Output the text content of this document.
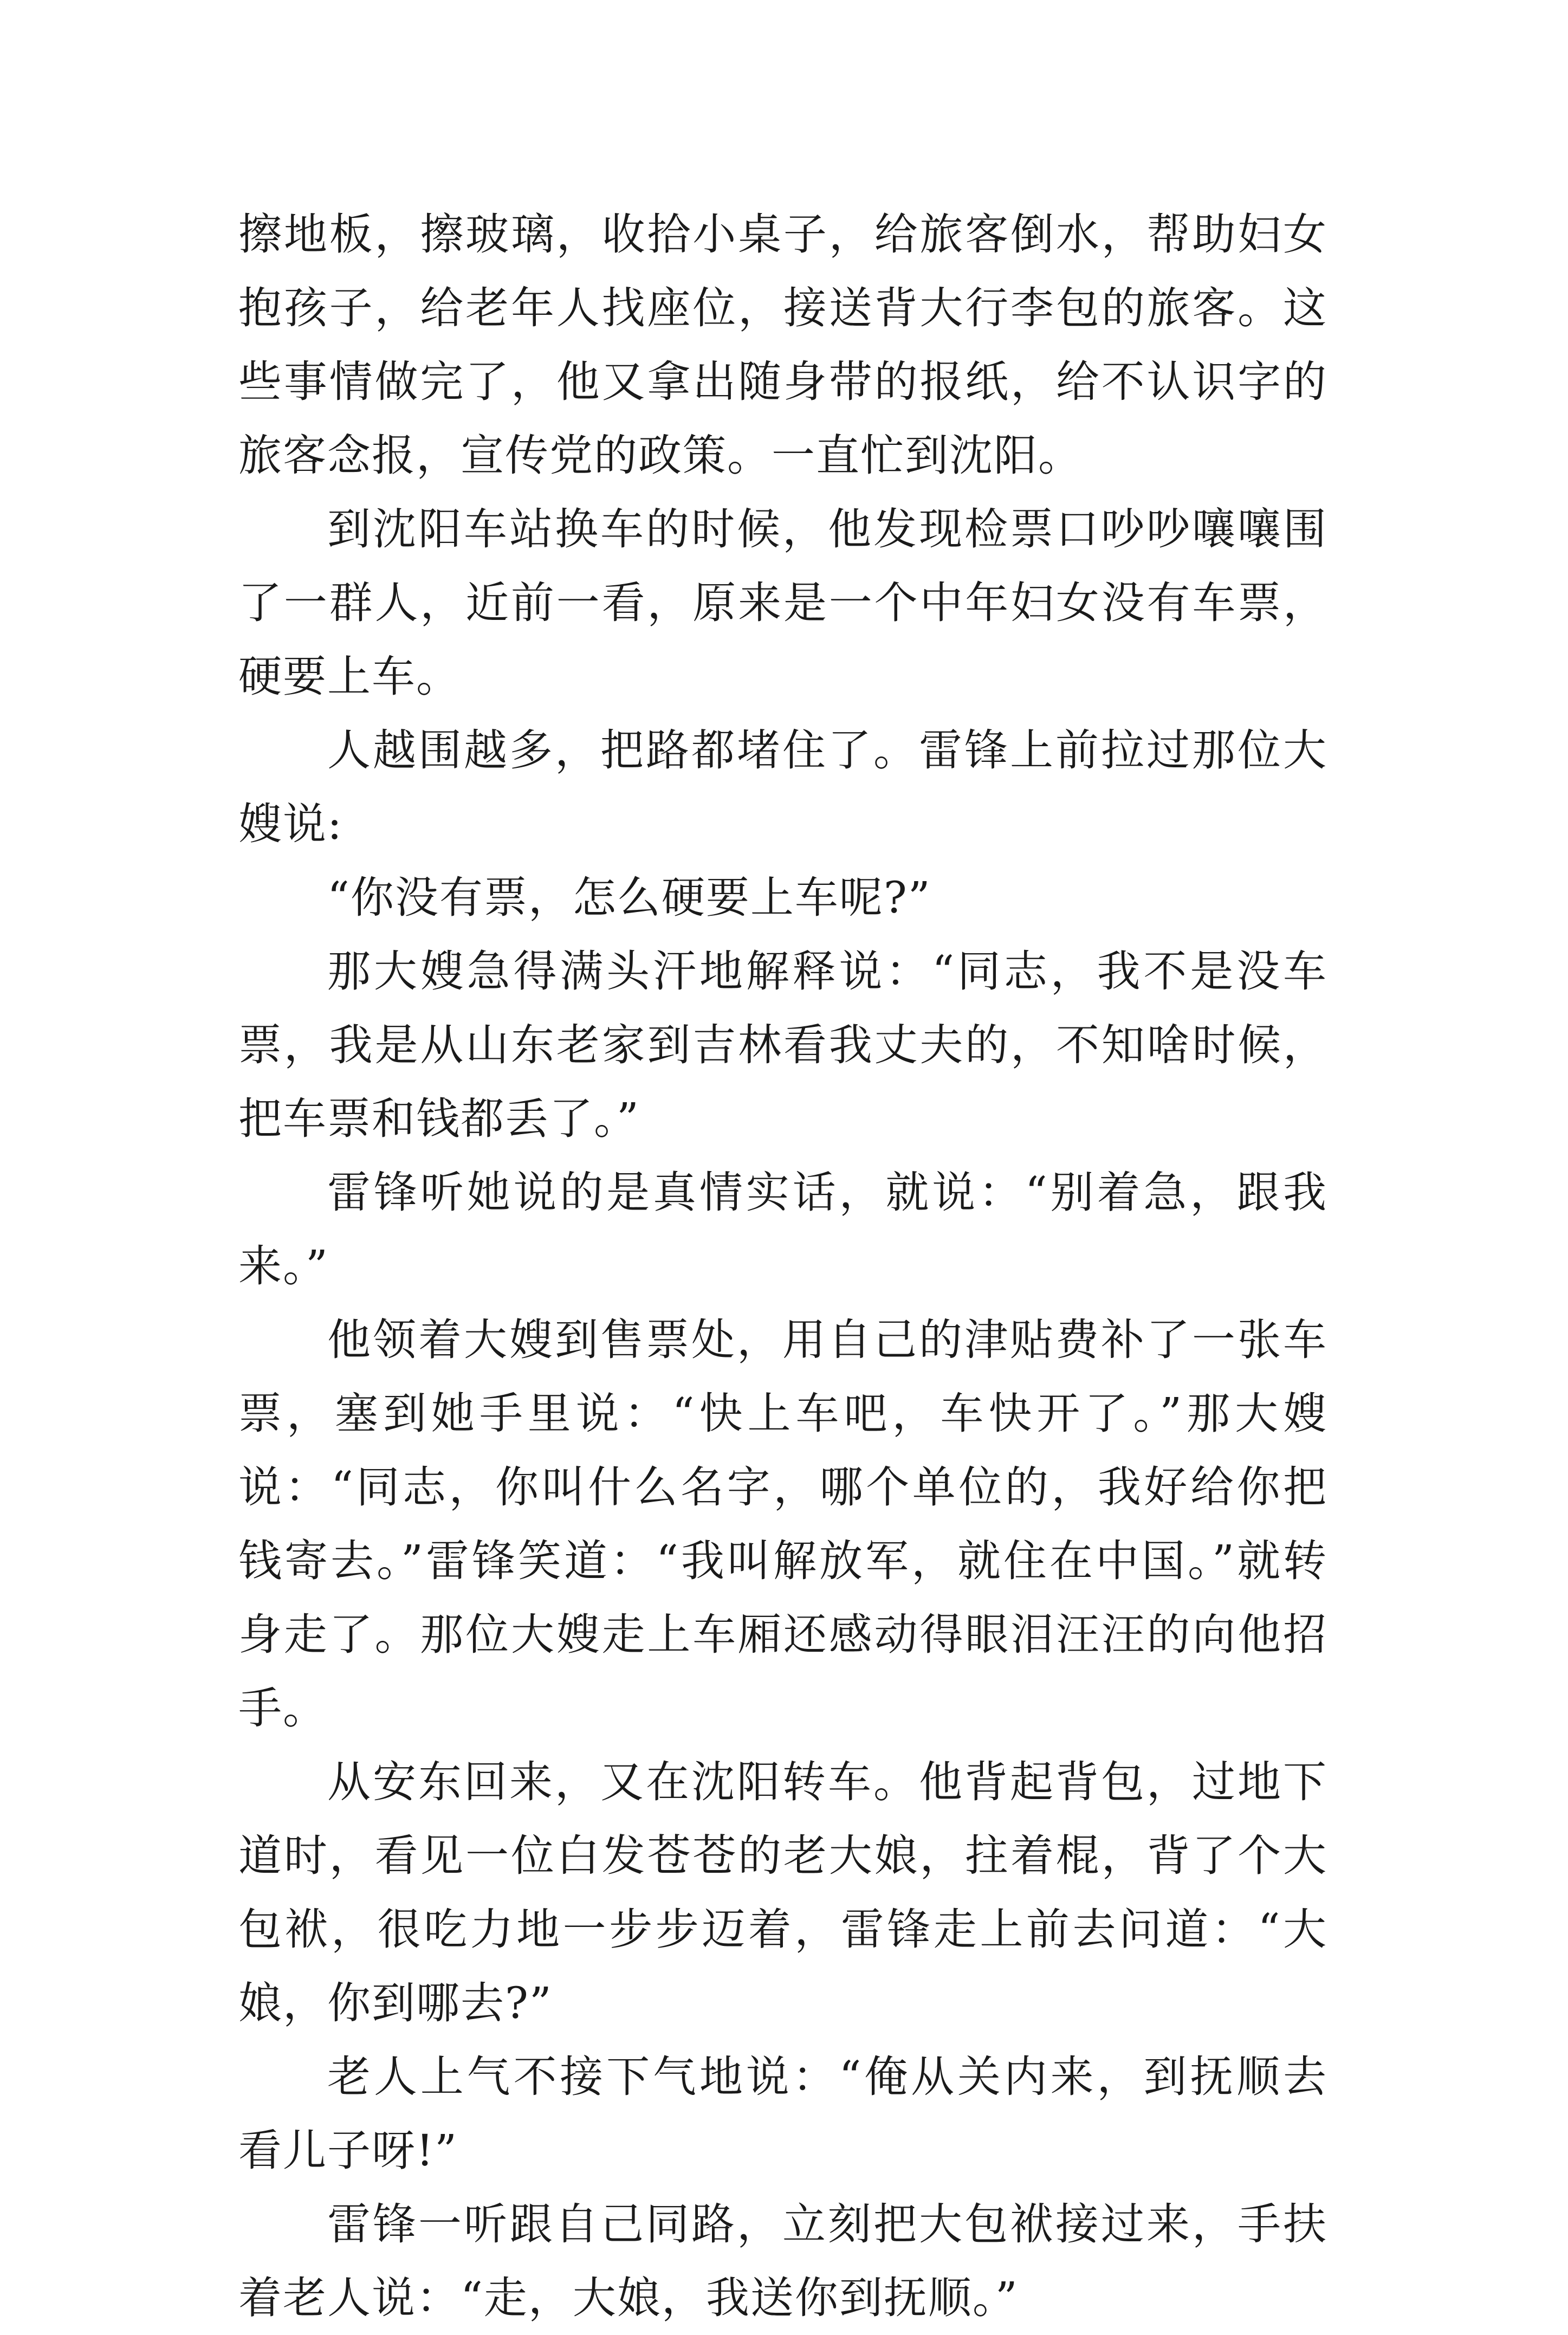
擦地板，擦玻璃，收拾小桌子，给旅客倒水，帮助妇女抱孩子，给老年人找座位，接送背大行李包的旅客。这些事情做完了，他又拿出随身带的报纸，给不认识字的旅客念报，宣传党的政策。一直忙到沈阳。

到沈阳车站换车的时候，他发现检票口吵吵嚷嚷围了一群人，近前一看，原来是一个中年妇女没有车票，硬要上车。

人越围越多，把路都堵住了。雷锋上前拉过那位大嫂说:

“你没有票，怎么硬要上车呢?”

那大嫂急得满头汗地解释说：“同志，我不是没车票，我是从山东老家到吉林看我丈夫的，不知啥时候，把车票和钱都丢了。”

雷锋听她说的是真情实话，就说：“别着急，跟我来。”

他领着大嫂到售票处，用自己的津贴费补了一张车票，塞到她手里说：“快上车吧，车快开了。”那大嫂说：“同志，你叫什么名字，哪个单位的，我好给你把钱寄去。”雷锋笑道：“我叫解放军，就住在中国。”就转身走了。那位大嫂走上车厢还感动得眼泪汪汪的向他招手。

从安东回来，又在沈阳转车。他背起背包，过地下道时，看见一位白发苍苍的老大娘，拄着棍，背了个大包袱，很吃力地一步步迈着，雷锋走上前去问道：“大娘，你到哪去?”

老人上气不接下气地说：“俺从关内来，到抚顺去看儿子呀!”

雷锋一听跟自己同路，立刻把大包袱接过来，手扶着老人说：“走，大娘，我送你到抚顺。”
